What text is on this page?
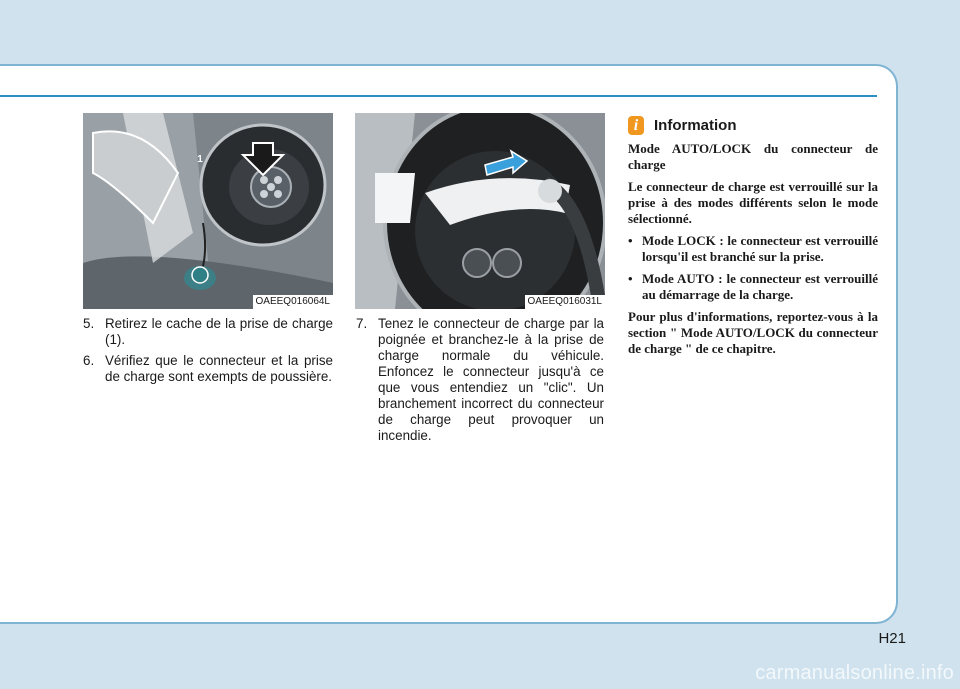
1
OAEEQ016064L	OAEEQ016031L
5. Retirez le cache de la prise de charge (1).
6. Vérifiez que le connecteur et la prise de charge sont exempts de poussière.
7. Tenez le connecteur de charge par la poignée et branchez-le à la prise de charge normale du véhicule. Enfoncez le connecteur jusqu'à ce que vous entendiez un "clic". Un branchement incorrect du connecteur de charge peut provoquer un incendie.
i	Information

Mode AUTO/LOCK du connecteur de charge

Le connecteur de charge est verrouillé sur la prise à des modes différents selon le mode sélectionné.

• Mode LOCK : le connecteur est verrouillé lorsqu'il est branché sur la prise.
• Mode AUTO : le connecteur est verrouillé au démarrage de la charge.

Pour plus d'informations, reportez-vous à la section " Mode AUTO/LOCK du connecteur de charge " de ce chapitre.

H21
carmanualsonline.info
